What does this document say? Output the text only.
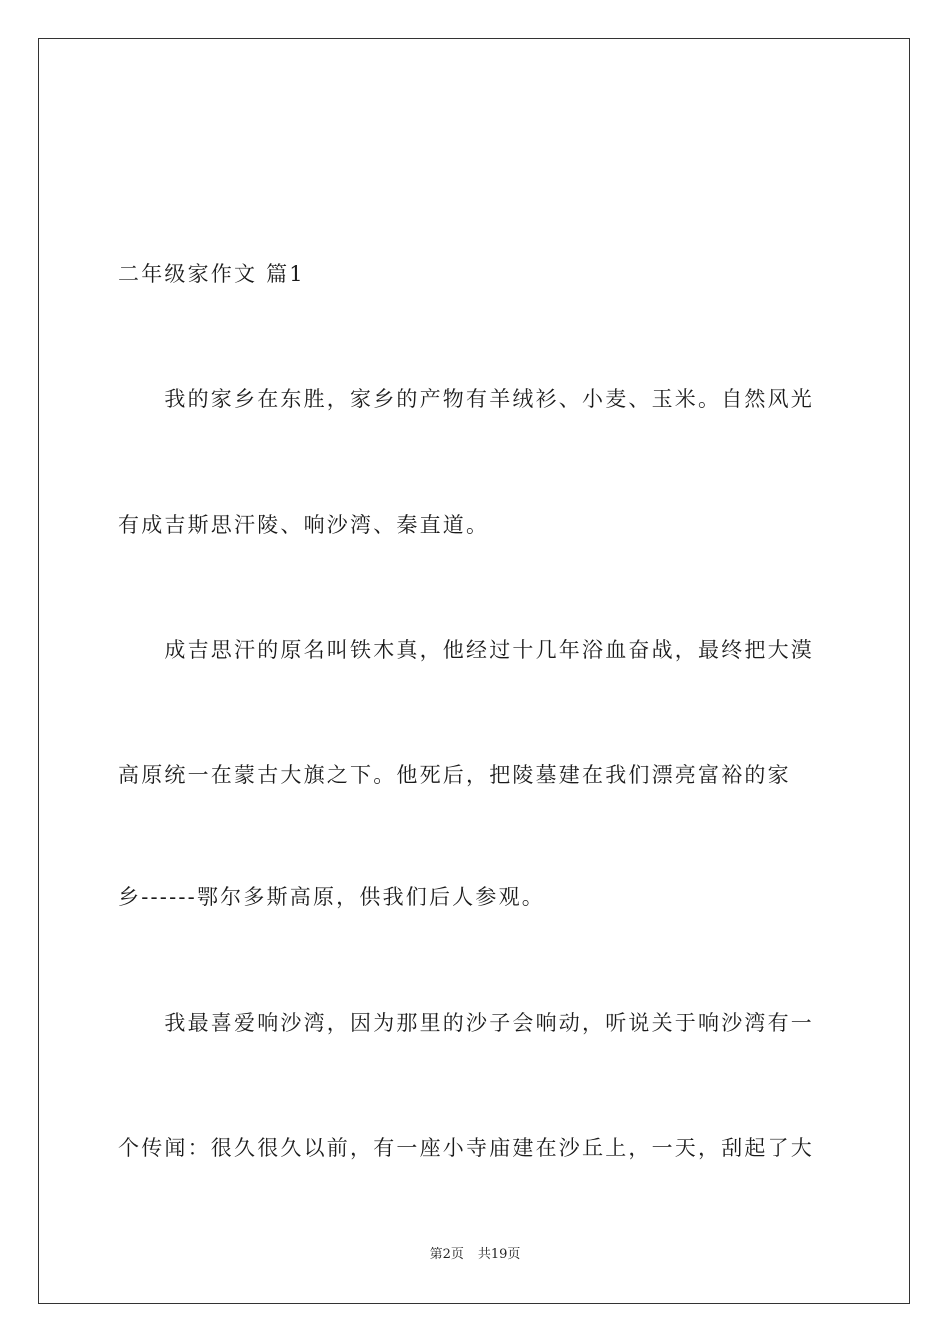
二年级家作文 篇1
　　我的家乡在东胜，家乡的产物有羊绒衫、小麦、玉米。自然风光
有成吉斯思汗陵、响沙湾、秦直道。
　　成吉思汗的原名叫铁木真，他经过十几年浴血奋战，最终把大漠
高原统一在蒙古大旗之下。他死后，把陵墓建在我们漂亮富裕的家
乡------鄂尔多斯高原，供我们后人参观。
　　我最喜爱响沙湾，因为那里的沙子会响动，听说关于响沙湾有一
个传闻：很久很久以前，有一座小寺庙建在沙丘上，一天，刮起了大
第2页 共19页
